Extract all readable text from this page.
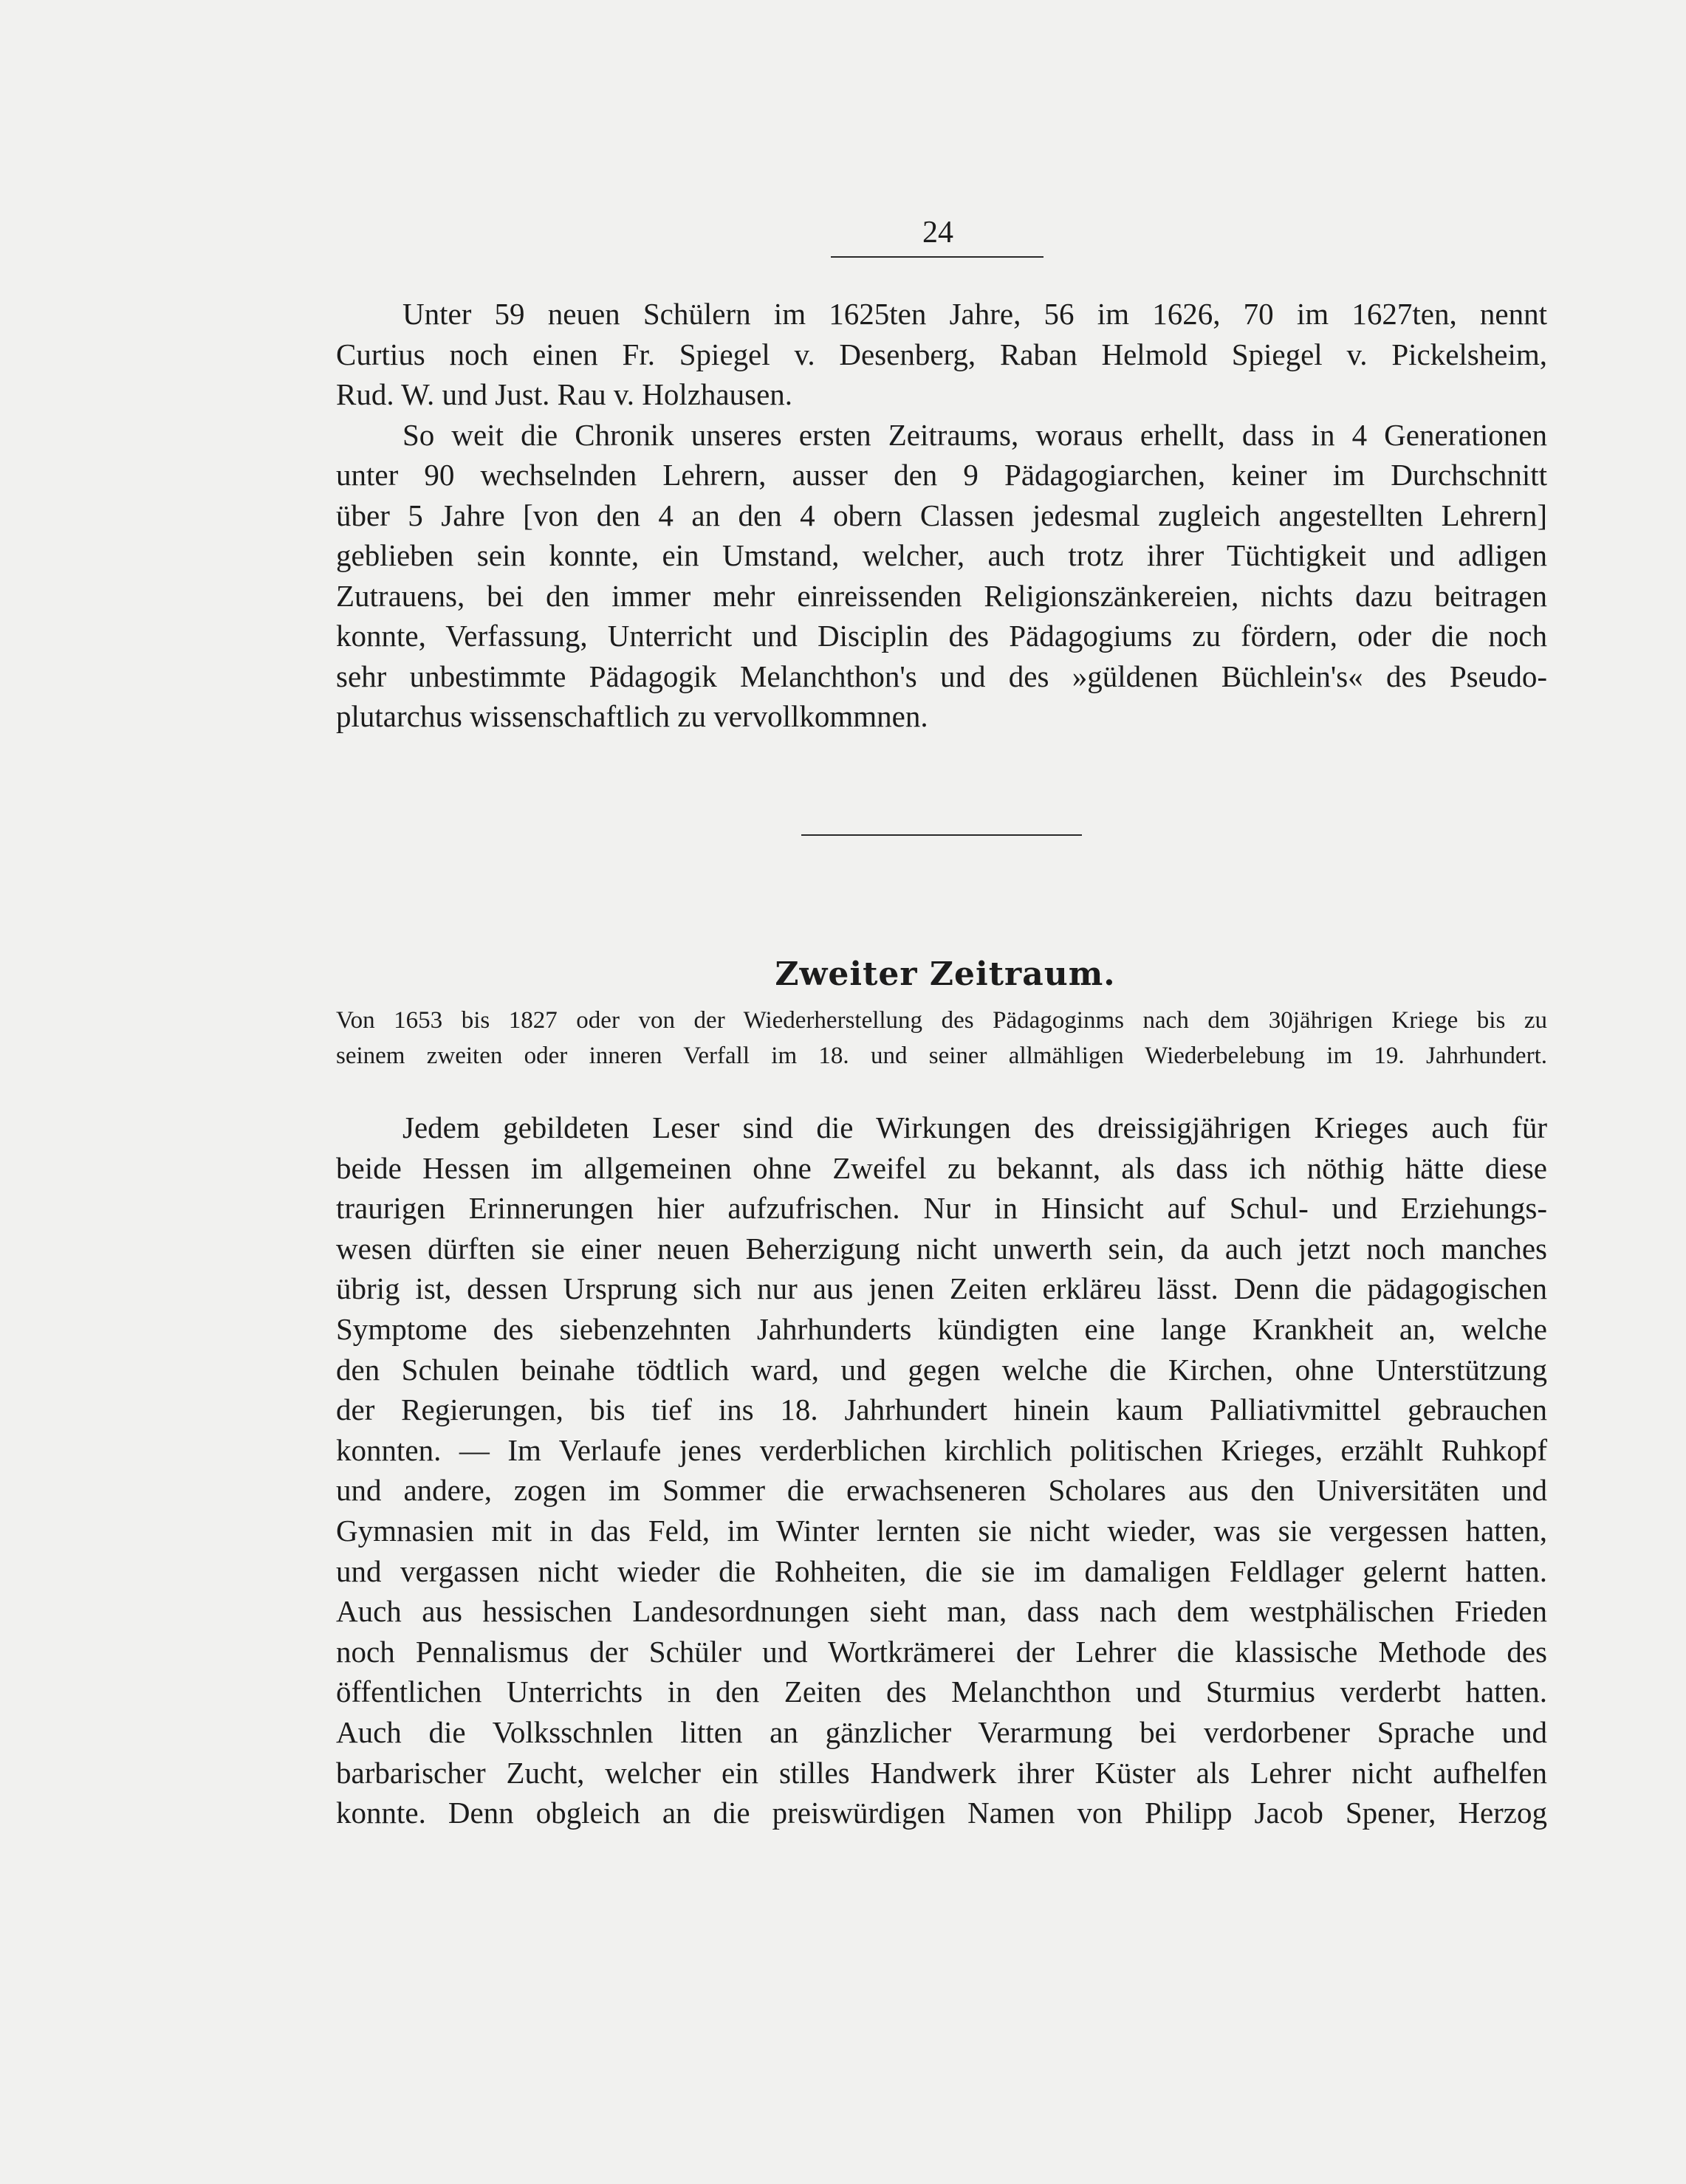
24
Unter 59 neuen Schülern im 1625ten Jahre, 56 im 1626, 70 im 1627ten, nennt
Curtius noch einen Fr. Spiegel v. Desenberg, Raban Helmold Spiegel v. Pickelsheim,
Rud. W. und Just. Rau v. Holzhausen.
So weit die Chronik unseres ersten Zeitraums, woraus erhellt, dass in 4 Generationen
unter 90 wechselnden Lehrern, ausser den 9 Pädagogiarchen, keiner im Durchschnitt
über 5 Jahre [von den 4 an den 4 obern Classen jedesmal zugleich angestellten Lehrern]
geblieben sein konnte, ein Umstand, welcher, auch trotz ihrer Tüchtigkeit und adligen
Zutrauens, bei den immer mehr einreissenden Religionszänkereien, nichts dazu beitragen
konnte, Verfassung, Unterricht und Disciplin des Pädagogiums zu fördern, oder die noch
sehr unbestimmte Pädagogik Melanchthon's und des »güldenen Büchlein's« des Pseudo-
plutarchus wissenschaftlich zu vervollkommnen.
Zweiter Zeitraum.
Von 1653 bis 1827 oder von der Wiederherstellung des Pädagoginms nach dem 30jährigen Kriege bis zu
seinem zweiten oder inneren Verfall im 18. und seiner allmähligen Wiederbelebung im 19. Jahrhundert.
Jedem gebildeten Leser sind die Wirkungen des dreissigjährigen Krieges auch für
beide Hessen im allgemeinen ohne Zweifel zu bekannt, als dass ich nöthig hätte diese
traurigen Erinnerungen hier aufzufrischen. Nur in Hinsicht auf Schul- und Erziehungs-
wesen dürften sie einer neuen Beherzigung nicht unwerth sein, da auch jetzt noch manches
übrig ist, dessen Ursprung sich nur aus jenen Zeiten erkläreu lässt. Denn die pädagogischen
Symptome des siebenzehnten Jahrhunderts kündigten eine lange Krankheit an, welche
den Schulen beinahe tödtlich ward, und gegen welche die Kirchen, ohne Unterstützung
der Regierungen, bis tief ins 18. Jahrhundert hinein kaum Palliativmittel gebrauchen
konnten. — Im Verlaufe jenes verderblichen kirchlich politischen Krieges, erzählt Ruhkopf
und andere, zogen im Sommer die erwachseneren Scholares aus den Universitäten und
Gymnasien mit in das Feld, im Winter lernten sie nicht wieder, was sie vergessen hatten,
und vergassen nicht wieder die Rohheiten, die sie im damaligen Feldlager gelernt hatten.
Auch aus hessischen Landesordnungen sieht man, dass nach dem westphälischen Frieden
noch Pennalismus der Schüler und Wortkrämerei der Lehrer die klassische Methode des
öffentlichen Unterrichts in den Zeiten des Melanchthon und Sturmius verderbt hatten.
Auch die Volksschnlen litten an gänzlicher Verarmung bei verdorbener Sprache und
barbarischer Zucht, welcher ein stilles Handwerk ihrer Küster als Lehrer nicht aufhelfen
konnte. Denn obgleich an die preiswürdigen Namen von Philipp Jacob Spener, Herzog
